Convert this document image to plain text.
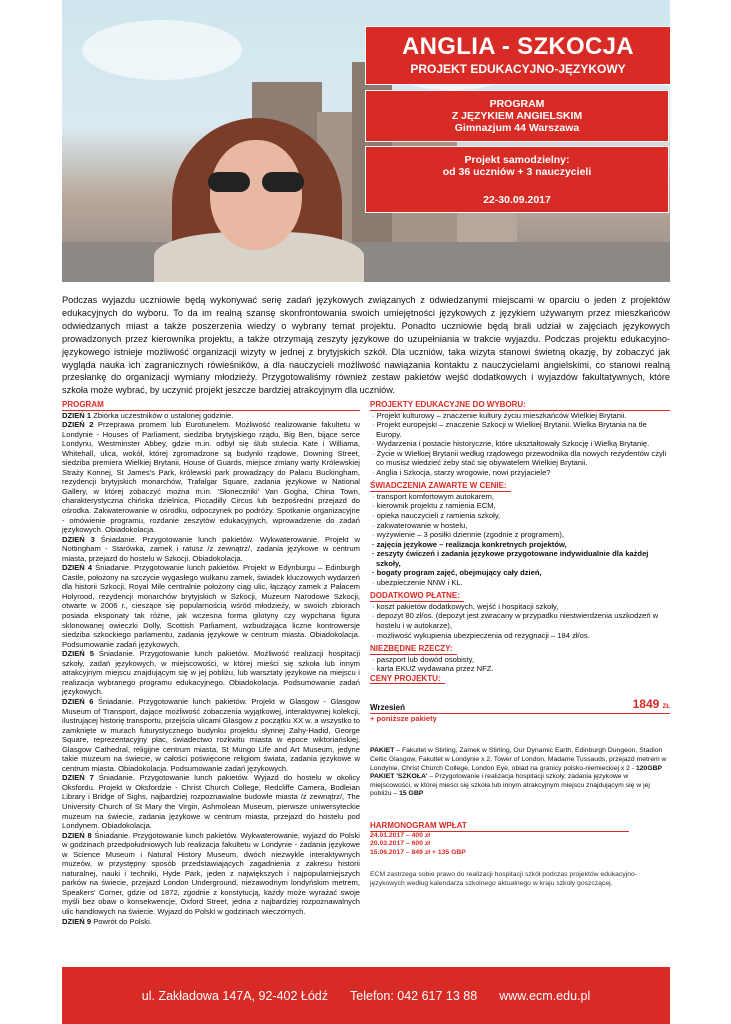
ANGLIA - SZKOCJA
PROJEKT EDUKACYJNO-JĘZYKOWY
PROGRAM
Z JĘZYKIEM ANGIELSKIM
Gimnazjum 44 Warszawa
Projekt samodzielny:
od 36 uczniów + 3 nauczycieli
22-30.09.2017
Podczas wyjazdu uczniowie będą wykonywać serię zadań językowych związanych z odwiedzanymi miejscami w oparciu o jeden z projektów edukacyjnych do wyboru. To da im realną szansę skonfrontowania swoich umiejętności językowych z językiem używanym przez mieszkańców odwiedzanych miast a także poszerzenia wiedzy o wybrany temat projektu. Ponadto uczniowie będą brali udział w zajęciach językowych prowadzonych przez kierownika projektu, a także otrzymają zeszyty językowe do uzupełniania w trakcie wyjazdu. Podczas projektu edukacyjno-językowego istnieje możliwość organizacji wizyty w jednej z brytyjskich szkół. Dla uczniów, taka wizyta stanowi świetną okazję, by zobaczyć jak wygląda nauka ich zagranicznych rówieśników, a dla nauczycieli możliwość nawiązania kontaktu z nauczycielami angielskimi, co stanowi realną przesłankę do organizacji wymiany młodzieży. Przygotowaliśmy również zestaw pakietów wejść dodatkowych i wyjazdów fakultatywnych, które szkoła może wybrać, by uczynić projekt jeszcze bardziej atrakcyjnym dla uczniów.
PROGRAM
DZIEŃ 1 Zbiórka uczestników o ustalonej godzinie.
DZIEŃ 2 Przeprawa promem lub Eurotunelem. Możliwość realizowanie fakultetu w Londynie - Houses of Parliament, siedziba brytyjskiego rządu, Big Ben, bijące serce Londynu, Westminster Abbey, gdzie m.in. odbył się ślub stulecia Kate i Williama, Whitehall, ulica, wokół, której zgromadzone są budynki rządowe, Downing Street, siedziba premiera Wielkiej Brytanii, House of Guards, miejsce zmiany warty Królewskiej Straży Konnej, St James's Park, królewski park prowadzący do Pałacu Buckingham, rezydencji brytyjskich monarchów, Trafalgar Square, zadania językowe w National Gallery, w której zobaczyć można m.in. 'Słoneczniki' Van Gogha, China Town, charakterystyczna chińska dzielnica, Piccadilly Circus lub bezpośredni przejazd do ośrodka. Zakwaterowanie w ośrodku, odpoczynek po podróży. Spotkanie organizacyjne - omówienie programu, rozdanie zeszytów edukacyjnych, wprowadzenie do zadań językowych. Obiadokolacja.
DZIEŃ 3 Śniadanie. Przygotowanie lunch pakietów. Wykwaterowanie. Projekt w Nottingham - Starówka, zamek i ratusz /z zewnątrz/, zadania językowe w centrum miasta, przejazd do hostelu w Szkocji. Obiadokolacja.
DZIEŃ 4 Śniadanie. Przygotowanie lunch pakietów. Projekt w Edynburgu – Edinburgh Castle, położony na szczycie wygasłego wulkanu zamek, świadek kluczowych wydarzeń dla historii Szkocji, Royal Mile centralnie położony ciąg ulic, łączący zamek z Pałacem Holyrood, rezydencji monarchów brytyjskich w Szkocji, Muzeum Narodowe Szkocji, otwarte w 2006 r., cieszące się popularnością wśród młodzieży, w swoich zbiorach posiada eksponaty tak różne, jak wczesna forma gilotyny czy wypchana figura sklonowanej owieczki Dolly, Scottish Parliament, wzbudzająca liczne kontrowersje siedziba szkockiego parlamentu, zadania językowe w centrum miasta. Obiadokolacja. Podsumowanie zadań językowych.
DZIEŃ 5 Śniadanie. Przygotowanie lunch pakietów. Możliwość realizacji hospitacji szkoły, zadań językowych, w miejscowości, w której mieści się szkoła lub innym atrakcyjnym miejscu znajdującym się w jej pobliżu, lub warsztaty językowe na miejscu i realizacja wybranego programu edukacyjnego. Obiadokolacja. Podsumowanie zadań językowych.
DZIEŃ 6 Śniadanie. Przygotowanie lunch pakietów. Projekt w Glasgow - Glasgow Museum of Transport, dające możliwość zobaczenia wyjątkowej, interaktywnej kolekcji, ilustrującej historię transportu, przejścia ulicami Glasgow z początku XX w. a wszystko to zamknięte w murach futurystycznego budynku projektu słynnej Zahy-Hadid, George Square, reprezentacyjny plac, świadectwo rozkwitu miasta w epoce wiktoriańskiej, Glasgow Cathedral, religijne centrum miasta, St Mungo Life and Art Museum, jedyne takie muzeum na świecie, w całości poświęcone religiom świata, zadania językowe w centrum miasta. Obiadokolacja. Podsumowanie zadań językowych.
DZIEŃ 7 Śniadanie. Przygotowanie lunch pakietów. Wyjazd do hostelu w okolicy Oksfordu. Projekt w Oksfordzie - Christ Church College, Redcliffe Camera, Bodleian Library i Bridge of Sighs, najbardziej rozpoznawalne budowle miasta /z zewnątrz/, The University Church of St Mary the Virgin, Ashmolean Museum, pierwsze uniwersyteckie muzeum na świecie, zadania językowe w centrum miasta, przejazd do hostelu pod Londynem. Obiadokolacja.
DZIEŃ 8 Śniadanie. Przygotowanie lunch pakietów. Wykwaterowanie, wyjazd do Polski w godzinach przedpołudniowych lub realizacja fakultetu w Londynie - zadania językowe w Science Museum i Natural History Museum, dwóch niezwykle interaktywnych muzeów, w przystępny sposób przedstawiających zagadnienia z zakresu historii naturalnej, nauki i techniki, Hyde Park, jeden z największych i najpopularniejszych parków na świecie, przejazd London Underground, niezawodnym londyńskim metrem, Speakers' Corner, gdzie od 1872, zgodnie z konstytucją, każdy może wyrażać swoje myśli bez obaw o konsekwencje, Oxford Street, jedna z najbardziej rozpoznawalnych ulic handlowych na świecie. Wyjazd do Polski w godzinach wieczornych.
DZIEŃ 9 Powrót do Polski.
PROJEKTY EDUKACYJNE DO WYBORU:
· Projekt kulturowy – znaczenie kultury życiu mieszkańców Wielkiej Brytanii.
· Projekt europejski – znaczenie Szkocji w Wielkiej Brytanii. Wielka Brytania na tle Europy.
· Wydarzenia i postacie historyczne, które ukształtowały Szkocję i Wielką Brytanię.
· Życie w Wielkiej Brytanii według rządowego przewodnika dla nowych rezydentów czyli co musisz wiedzieć żeby stać się obywatelem Wielkiej Brytanii.
· Anglia i Szkocja, starzy wrogowie, nowi przyjaciele?
ŚWIADCZENIA ZAWARTE W CENIE:
· transport komfortowym autokarem,
· kierownik projektu z ramienia ECM,
· opieka nauczycieli z ramienia szkoły,
· zakwaterowanie w hostelu,
· wyżywienie – 3 posiłki dziennie (zgodnie z programem),
· zajęcia językowe – realizacja konkretnych projektów,
· zeszyty ćwiczeń i zadania językowe przygotowane indywidualnie dla każdej szkoły,
· bogaty program zajęć, obejmujący cały dzień,
· ubezpieczenie NNW i KL.
DODATKOWO PŁATNE:
· koszt pakietów dodatkowych, wejść i hospitacji szkoły,
· depozyt 80 zł/os. (depozyt jest zwracany w przypadku niestwierdzenia uszkodzeń w hostelu i w autokarze),
· możliwość wykupienia ubezpieczenia od rezygnacji – 184 zł/os.
NIEZBĘDNE RZECZY:
· paszport lub dowód osobisty,
· karta EKUZ wydawana przez NFZ.
CENY PROJEKTU:
Wrzesień	1849 ZŁ
+ poniższe pakiety
PAKIET – Fakultet w Stirling, Zamek w Stirling, Our Dynamic Earth, Edinburgh Dungeon, Stadion Celtic Glasgow, Fakultet w Londynie x 2, Tower of London, Madame Tussauds, przejazd metrem w Londynie, Christ Church College, London Eye, obiad na granicy polsko-niemieckiej x 2 - 120GBP
PAKIET 'SZKOŁA' – Przygotowanie i realizacja hospitacji szkoły, zadania językowe w miejscowości, w której mieści się szkoła lub innym atrakcyjnym miejscu znajdującym się w jej pobliżu – 15 GBP
HARMONOGRAM WPŁAT
24.01.2017 – 400 zł
20.03.2017 – 600 zł
15.06.2017 – 849 zł + 135 GBP
ECM zastrzega sobie prawo do realizacji hospitacji szkół podczas projektów edukacyjno-językowych według kalendarza szkolnego aktualnego w kraju szkoły goszczącej.
ul. Zakładowa 147A, 92-402 Łódź Telefon: 042 617 13 88 www.ecm.edu.pl
